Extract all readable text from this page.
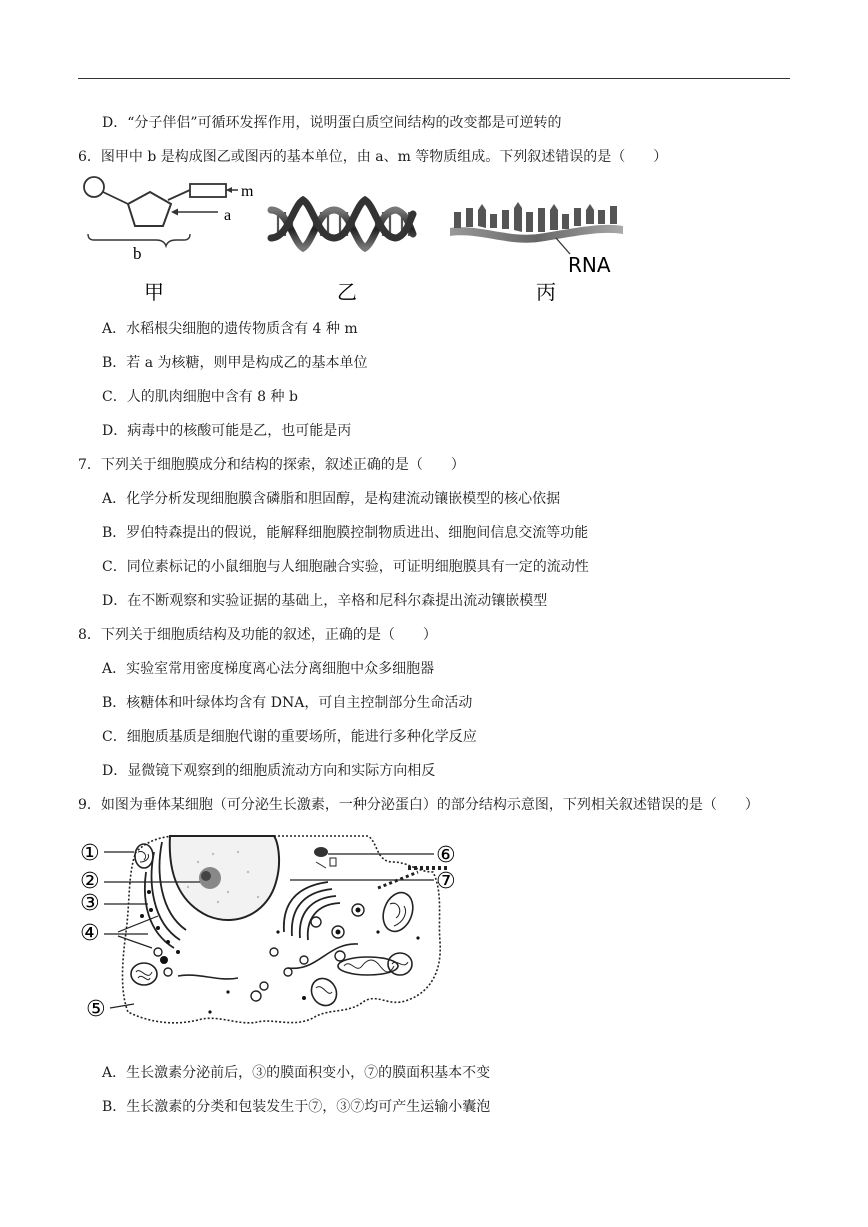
D．“分子伴侣”可循环发挥作用，说明蛋白质空间结构的改变都是可逆转的
6．图甲中 b 是构成图乙或图丙的基本单位，由 a、m 等物质组成。下列叙述错误的是（　　）
m
a
b	RNA
甲	乙	丙
A．水稻根尖细胞的遗传物质含有 4 种 m
B．若 a 为核糖，则甲是构成乙的基本单位
C．人的肌肉细胞中含有 8 种 b
D．病毒中的核酸可能是乙，也可能是丙
7．下列关于细胞膜成分和结构的探索，叙述正确的是（　　）
A．化学分析发现细胞膜含磷脂和胆固醇，是构建流动镶嵌模型的核心依据
B．罗伯特森提出的假说，能解释细胞膜控制物质进出、细胞间信息交流等功能
C．同位素标记的小鼠细胞与人细胞融合实验，可证明细胞膜具有一定的流动性
D．在不断观察和实验证据的基础上，辛格和尼科尔森提出流动镶嵌模型
8．下列关于细胞质结构及功能的叙述，正确的是（　　）
A．实验室常用密度梯度离心法分离细胞中众多细胞器
B．核糖体和叶绿体均含有 DNA，可自主控制部分生命活动
C．细胞质基质是细胞代谢的重要场所，能进行多种化学反应
D．显微镜下观察到的细胞质流动方向和实际方向相反
9．如图为垂体某细胞（可分泌生长激素，一种分泌蛋白）的部分结构示意图，下列相关叙述错误的是（　　）
①
②
③
④
⑤
⑥
⑦
A．生长激素分泌前后，③的膜面积变小，⑦的膜面积基本不变
B．生长激素的分类和包装发生于⑦，③⑦均可产生运输小囊泡
